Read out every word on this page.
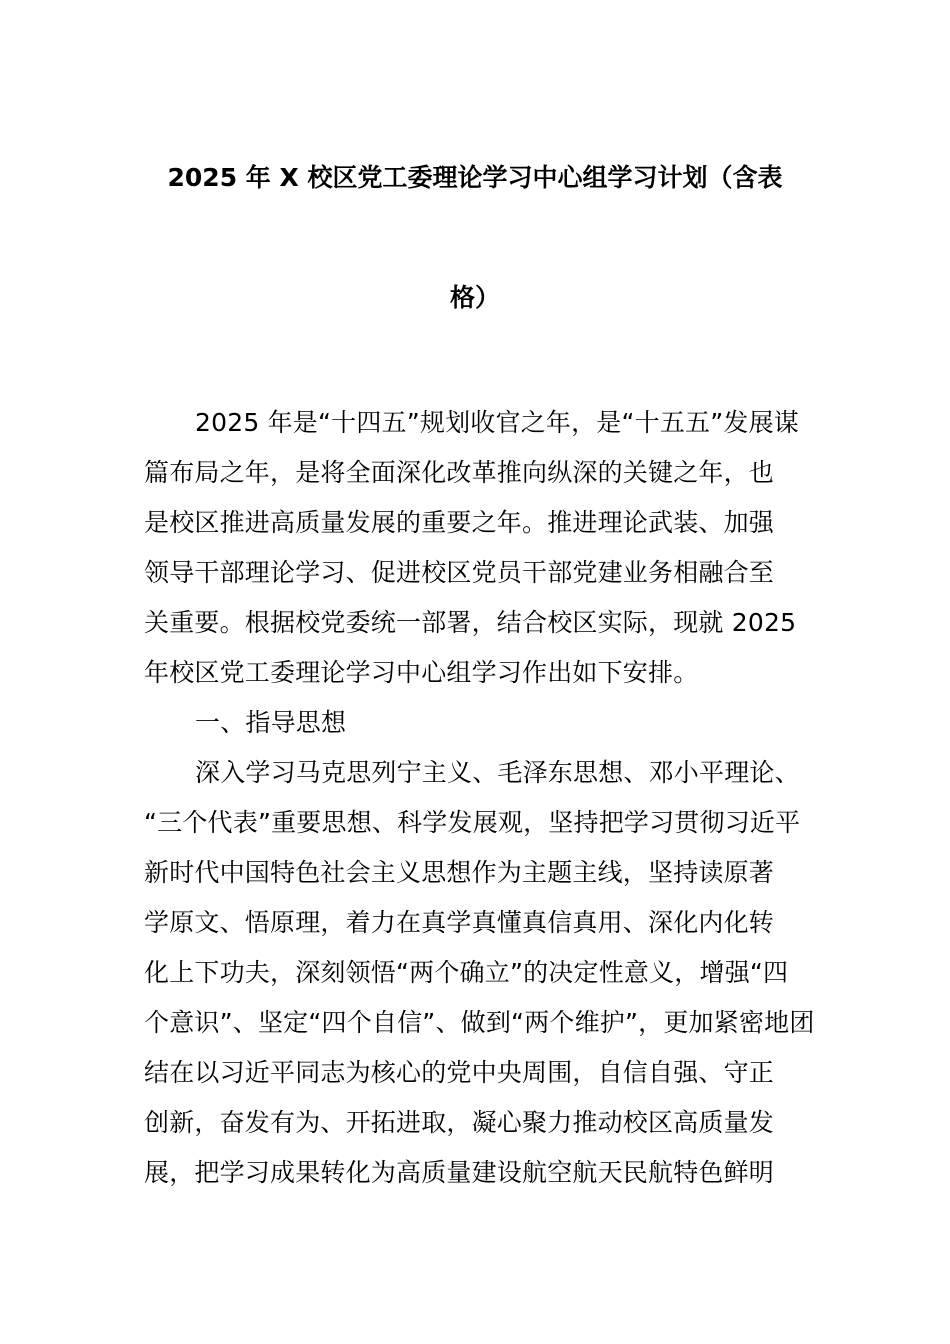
2025 年 X 校区党工委理论学习中心组学习计划（含表
格）
2025 年是“十四五”规划收官之年，是“十五五”发展谋
篇布局之年，是将全面深化改革推向纵深的关键之年，也
是校区推进高质量发展的重要之年。推进理论武装、加强
领导干部理论学习、促进校区党员干部党建业务相融合至
关重要。根据校党委统一部署，结合校区实际，现就 2025
年校区党工委理论学习中心组学习作出如下安排。
一、指导思想
深入学习马克思列宁主义、毛泽东思想、邓小平理论、
“三个代表”重要思想、科学发展观，坚持把学习贯彻习近平
新时代中国特色社会主义思想作为主题主线，坚持读原著
学原文、悟原理，着力在真学真懂真信真用、深化内化转
化上下功夫，深刻领悟“两个确立”的决定性意义，增强“四
个意识”、坚定“四个自信”、做到“两个维护”，更加紧密地团
结在以习近平同志为核心的党中央周围，自信自强、守正
创新，奋发有为、开拓进取，凝心聚力推动校区高质量发
展，把学习成果转化为高质量建设航空航天民航特色鲜明
